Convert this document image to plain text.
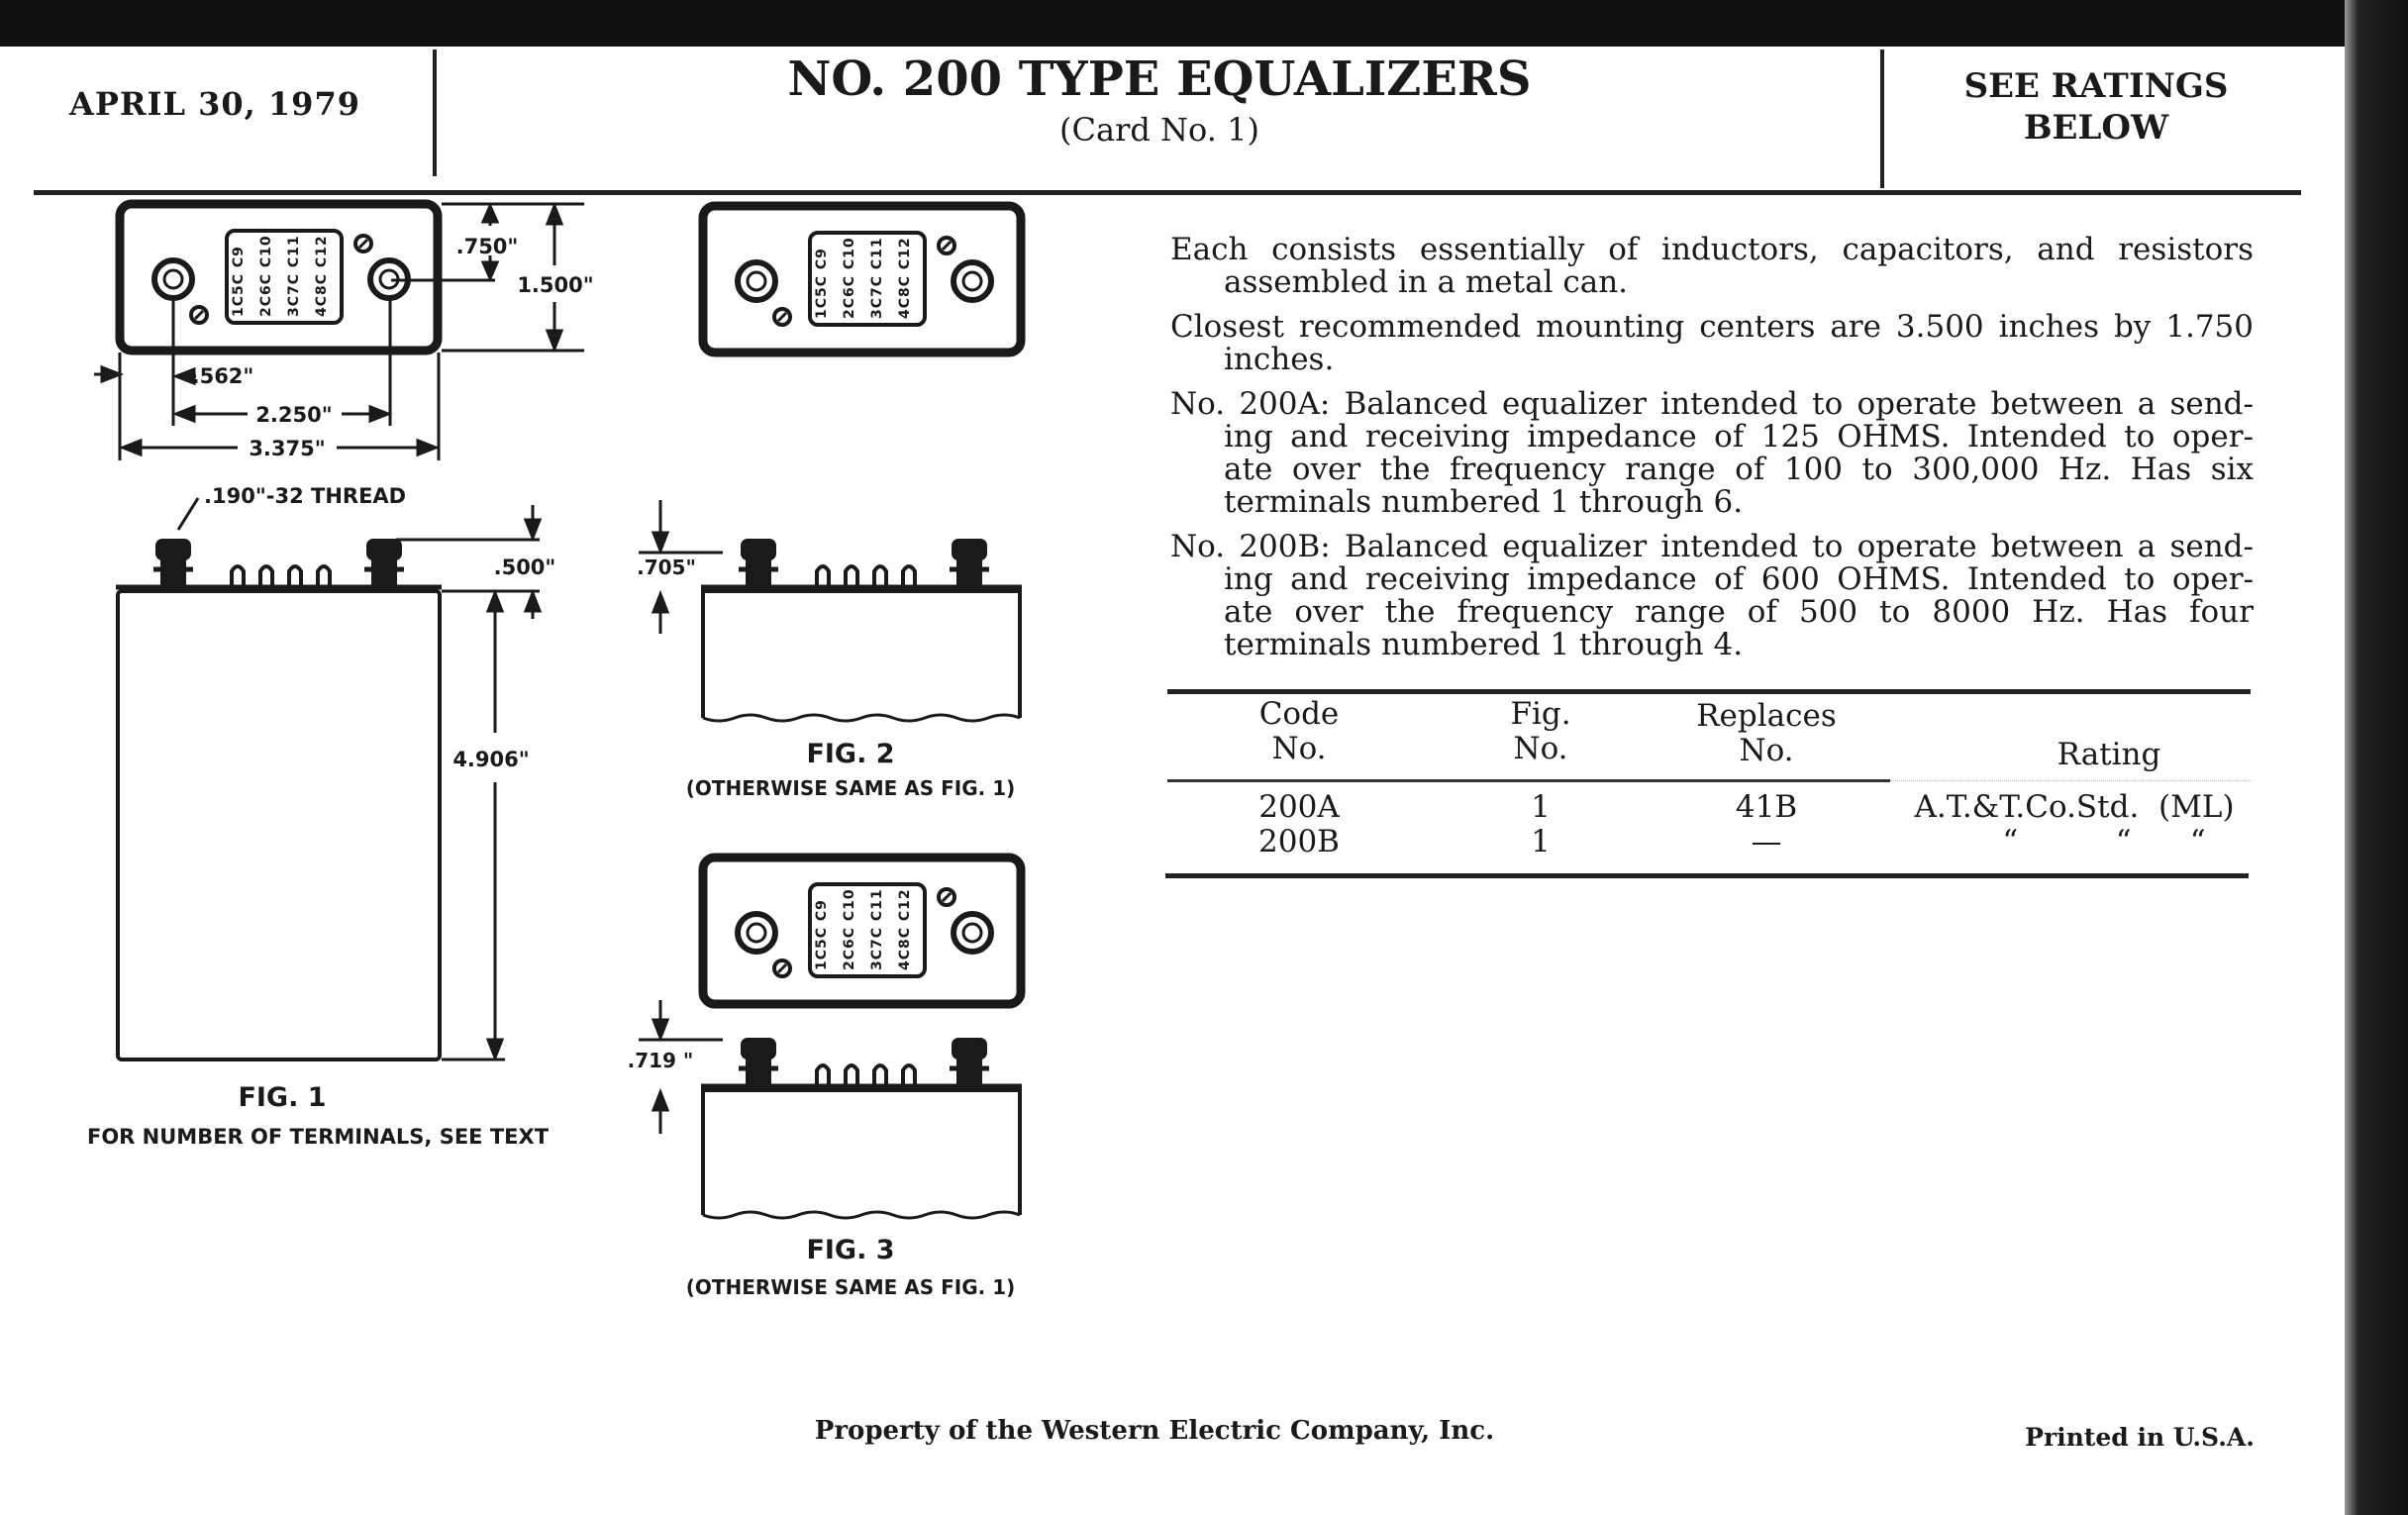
APRIL 30, 1979	NO. 200 TYPE EQUALIZERS
(Card No. 1)
SEE RATINGS
BELOW
Each consists essentially of inductors, capacitors, and resistors
assembled in a metal can.
Closest recommended mounting centers are 3.500 inches by 1.750
inches.
No. 200A: Balanced equalizer intended to operate between a send-
ing and receiving impedance of 125 OHMS. Intended to oper-
ate over the frequency range of 100 to 300,000 Hz. Has six
terminals numbered 1 through 6.
No. 200B: Balanced equalizer intended to operate between a send-
ing and receiving impedance of 600 OHMS. Intended to oper-
ate over the frequency range of 500 to 8000 Hz. Has four
terminals numbered 1 through 4.
Code
No.
Fig.
No.
Replaces
No.	Rating
200A	1	41B	A.T.&T.Co.Std.  (ML)
200B	1	—	“          “      “
1C5C C9 2C6C C10 3C7C C11 4C8C C12	1C5C C9 2C6C C10 3C7C C11 4C8C C12
1C5C C9 2C6C C10 3C7C C11 4C8C C12
.750"
1.500"
.562"
2.250"
3.375"
.190"-32 THREAD
.500"
4.906"
.705"
.719 "
FIG. 1
FOR NUMBER OF TERMINALS, SEE TEXT
FIG. 2
(OTHERWISE SAME AS FIG. 1)
FIG. 3
(OTHERWISE SAME AS FIG. 1)
Property of the Western Electric Company, Inc.	Printed in U.S.A.
